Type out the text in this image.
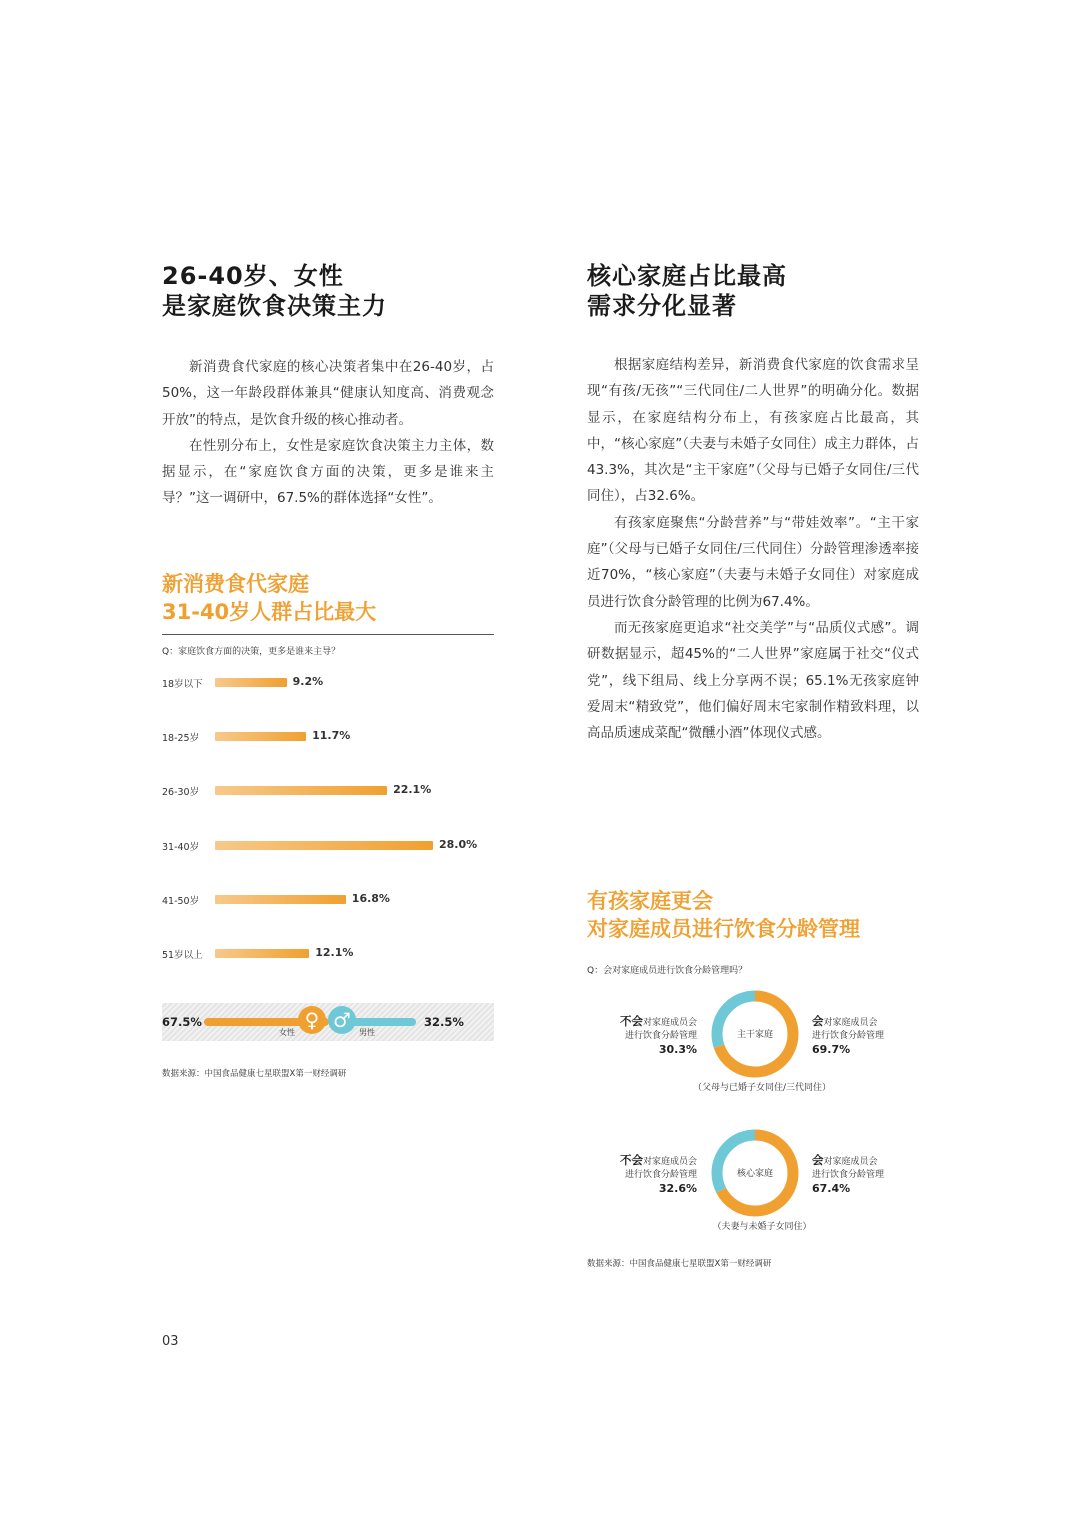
26-40岁、女性
是家庭饮食决策主力

新消费食代家庭的核心决策者集中在26-40岁，占50%，这一年龄段群体兼具“健康认知度高、消费观念开放”的特点，是饮食升级的核心推动者。

在性别分布上，女性是家庭饮食决策主力主体，数据显示，在“家庭饮食方面的决策，更多是谁来主导？”这一调研中，67.5%的群体选择“女性”。

新消费食代家庭
31-40岁人群占比最大
Q：家庭饮食方面的决策，更多是谁来主导？
18岁以下	9.2%
18-25岁	11.7%
26-30岁	22.1%
31-40岁	28.0%
41-50岁	16.8%
51岁以上	12.1%
67.5%	♀ ♂
女性	男性
32.5%
数据来源：中国食品健康七星联盟X第一财经调研
核心家庭占比最高
需求分化显著

根据家庭结构差异，新消费食代家庭的饮食需求呈现“有孩/无孩”“三代同住/二人世界”的明确分化。数据显示，在家庭结构分布上，有孩家庭占比最高，其中，“核心家庭”（夫妻与未婚子女同住）成主力群体，占43.3%，其次是“主干家庭”（父母与已婚子女同住/三代同住），占32.6%。

有孩家庭聚焦“分龄营养”与“带娃效率”。“主干家庭”（父母与已婚子女同住/三代同住）分龄管理渗透率接近70%，“核心家庭”（夫妻与未婚子女同住）对家庭成员进行饮食分龄管理的比例为67.4%。

而无孩家庭更追求“社交美学”与“品质仪式感”。调研数据显示，超45%的“二人世界”家庭属于社交“仪式党”，线下组局、线上分享两不误；65.1%无孩家庭钟爱周末“精致党”，他们偏好周末宅家制作精致料理，以高品质速成菜配“微醺小酒”体现仪式感。

有孩家庭更会
对家庭成员进行饮食分龄管理
Q：会对家庭成员进行饮食分龄管理吗？
不会对家庭成员会
进行饮食分龄管理
30.3%
主干家庭
会对家庭成员会
进行饮食分龄管理
69.7%
（父母与已婚子女同住/三代同住）
不会对家庭成员会
进行饮食分龄管理
32.6%
核心家庭
会对家庭成员会
进行饮食分龄管理
67.4%
（夫妻与未婚子女同住）
数据来源：中国食品健康七星联盟X第一财经调研
03
